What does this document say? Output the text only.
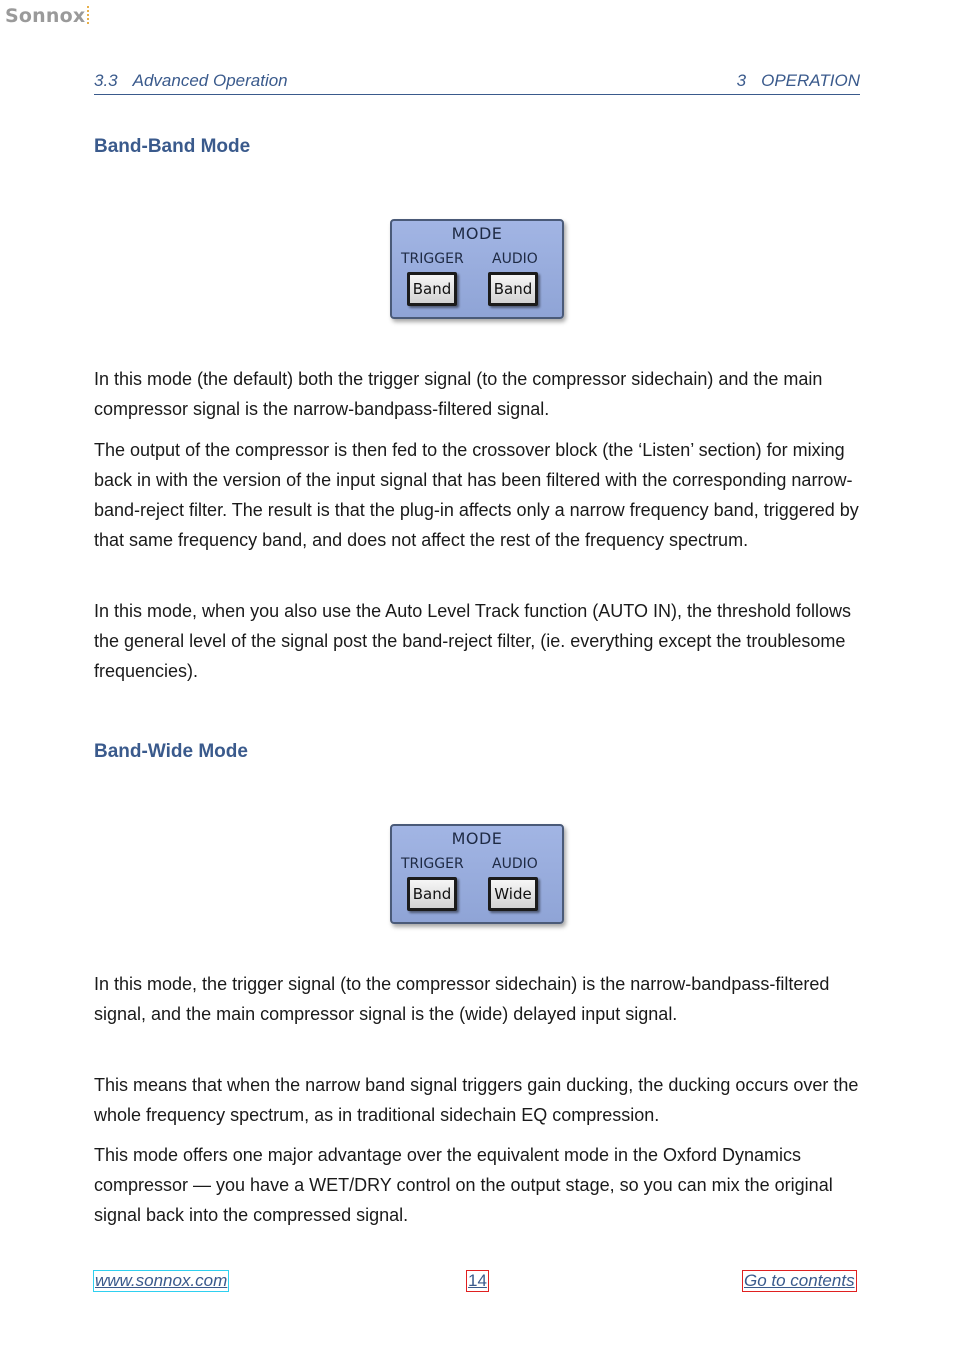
Sonnox
3.3 Advanced Operation	3 OPERATION
Band-Band Mode
MODE
TRIGGER AUDIO
Band	Band

In this mode (the default) both the trigger signal (to the compressor sidechain) and the main compressor signal is the narrow-bandpass-filtered signal.

The output of the compressor is then fed to the crossover block (the ‘Listen’ section) for mixing back in with the version of the input signal that has been filtered with the corresponding narrow-band-reject filter. The result is that the plug-in affects only a narrow frequency band, triggered by that same frequency band, and does not affect the rest of the frequency spectrum.

In this mode, when you also use the Auto Level Track function (AUTO IN), the threshold follows the general level of the signal post the band-reject filter, (ie. everything except the troublesome frequencies).

Band-Wide Mode
MODE
TRIGGER AUDIO
Band	Wide

In this mode, the trigger signal (to the compressor sidechain) is the narrow-bandpass-filtered signal, and the main compressor signal is the (wide) delayed input signal.

This means that when the narrow band signal triggers gain ducking, the ducking occurs over the whole frequency spectrum, as in traditional sidechain EQ compression.

This mode offers one major advantage over the equivalent mode in the Oxford Dynamics compressor — you have a WET/DRY control on the output stage, so you can mix the original signal back into the compressed signal.

www.sonnox.com	14	Go to contents
